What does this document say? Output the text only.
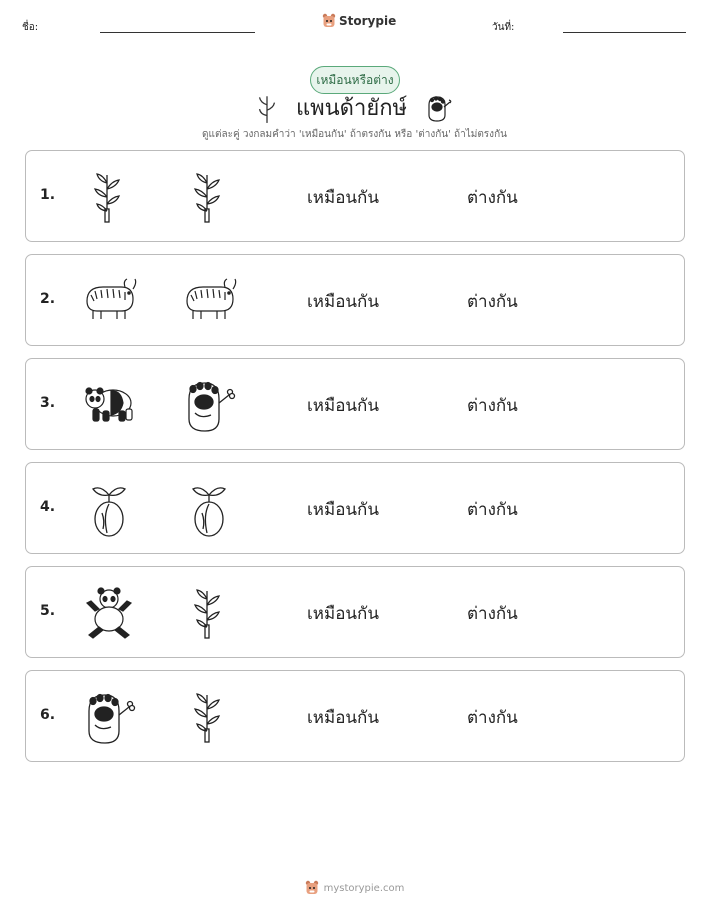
ชื่อ:	Storypie	วันที่:
เหมือนหรือต่าง
แพนด้ายักษ์
ดูแต่ละคู่ วงกลมคำว่า 'เหมือนกัน' ถ้าตรงกัน หรือ 'ต่างกัน' ถ้าไม่ตรงกัน
1.	เหมือนกัน	ต่างกัน
2.	เหมือนกัน	ต่างกัน
3.	เหมือนกัน	ต่างกัน
4.	เหมือนกัน	ต่างกัน
5.	เหมือนกัน	ต่างกัน
6.	เหมือนกัน	ต่างกัน
mystorypie.com
